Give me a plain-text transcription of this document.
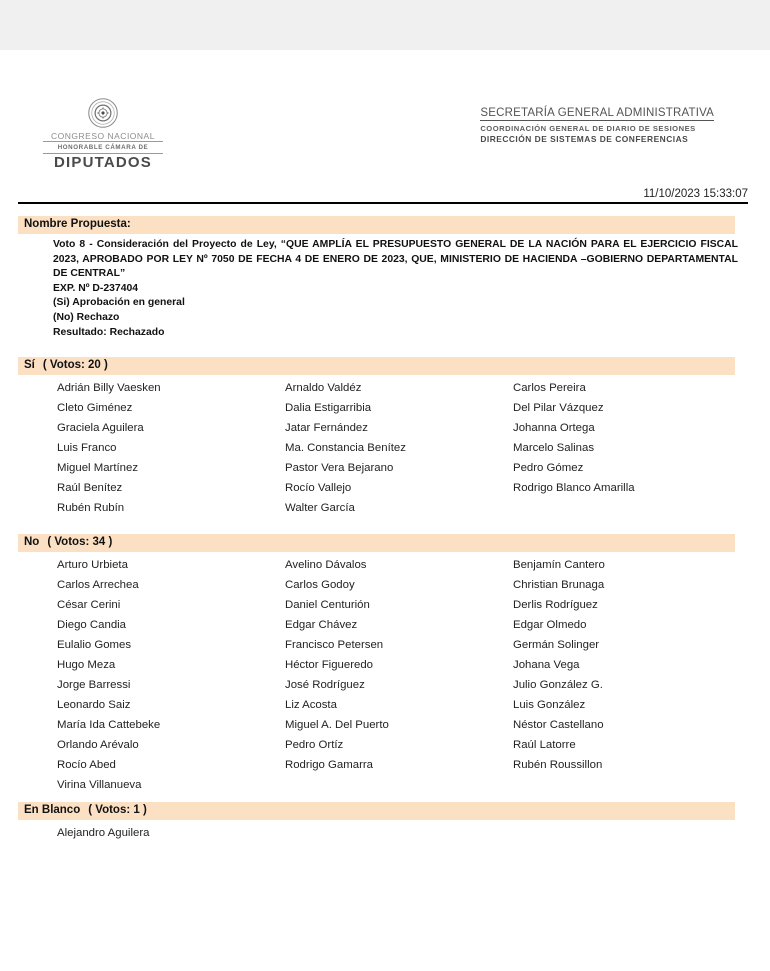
CONGRESO NACIONAL
HONORABLE CÁMARA DE
DIPUTADOS
SECRETARÍA GENERAL ADMINISTRATIVA
COORDINACIÓN GENERAL DE DIARIO DE SESIONES
DIRECCIÓN DE SISTEMAS DE CONFERENCIAS
11/10/2023 15:33:07
Nombre Propuesta:

Voto 8 - Consideración del Proyecto de Ley, “QUE AMPLÍA EL PRESUPUESTO GENERAL DE LA NACIÓN PARA EL EJERCICIO FISCAL 2023, APROBADO POR LEY Nº 7050 DE FECHA 4 DE ENERO DE 2023, QUE, MINISTERIO DE HACIENDA –GOBIERNO DEPARTAMENTAL DE CENTRAL”

EXP. Nº D-237404

(Si) Aprobación en general

(No) Rechazo

Resultado: Rechazado

Sí ( Votos: 20 )
Adrián Billy Vaesken
Cleto Giménez
Graciela Aguilera
Luis Franco
Miguel Martínez
Raúl Benítez
Rubén Rubín
Arnaldo Valdéz
Dalia Estigarribia
Jatar Fernández
Ma. Constancia Benítez
Pastor Vera Bejarano
Rocío Vallejo
Walter García
Carlos Pereira
Del Pilar Vázquez
Johanna Ortega
Marcelo Salinas
Pedro Gómez
Rodrigo Blanco Amarilla
No ( Votos: 34 )
Arturo Urbieta
Carlos Arrechea
César Cerini
Diego Candia
Eulalio Gomes
Hugo Meza
Jorge Barressi
Leonardo Saiz
María Ida Cattebeke
Orlando Arévalo
Rocío Abed
Virina Villanueva
Avelino Dávalos
Carlos Godoy
Daniel Centurión
Edgar Chávez
Francisco Petersen
Héctor Figueredo
José Rodríguez
Liz Acosta
Miguel A. Del Puerto
Pedro Ortíz
Rodrigo Gamarra
Benjamín Cantero
Christian Brunaga
Derlis Rodríguez
Edgar Olmedo
Germán Solinger
Johana Vega
Julio González G.
Luis González
Néstor Castellano
Raúl Latorre
Rubén Roussillon
En Blanco ( Votos: 1 )
Alejandro Aguilera
